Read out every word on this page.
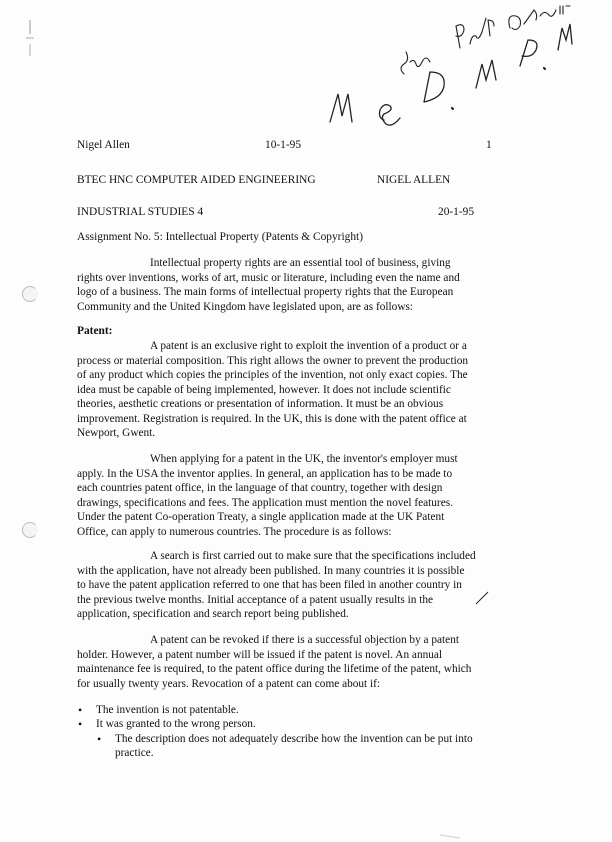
Nigel Allen	10-1-95	1
BTEC HNC COMPUTER AIDED ENGINEERING	NIGEL ALLEN
INDUSTRIAL STUDIES 4	20-1-95
Assignment No. 5: Intellectual Property (Patents & Copyright)
Intellectual property rights are an essential tool of business, giving
rights over inventions, works of art, music or literature, including even the name and
logo of a business. The main forms of intellectual property rights that the European
Community and the United Kingdom have legislated upon, are as follows:
Patent:
A patent is an exclusive right to exploit the invention of a product or a
process or material composition. This right allows the owner to prevent the production
of any product which copies the principles of the invention, not only exact copies. The
idea must be capable of being implemented, however. It does not include scientific
theories, aesthetic creations or presentation of information. It must be an obvious
improvement. Registration is required. In the UK, this is done with the patent office at
Newport, Gwent.
When applying for a patent in the UK, the inventor's employer must
apply. In the USA the inventor applies. In general, an application has to be made to
each countries patent office, in the language of that country, together with design
drawings, specifications and fees. The application must mention the novel features.
Under the patent Co-operation Treaty, a single application made at the UK Patent
Office, can apply to numerous countries. The procedure is as follows:
A search is first carried out to make sure that the specifications included
with the application, have not already been published. In many countries it is possible
to have the patent application referred to one that has been filed in another country in
the previous twelve months. Initial acceptance of a patent usually results in the
application, specification and search report being published.
A patent can be revoked if there is a successful objection by a patent
holder. However, a patent number will be issued if the patent is novel. An annual
maintenance fee is required, to the patent office during the lifetime of the patent, which
for usually twenty years. Revocation of a patent can come about if:
• The invention is not patentable.
• It was granted to the wrong person.
• The description does not adequately describe how the invention can be put into
practice.
